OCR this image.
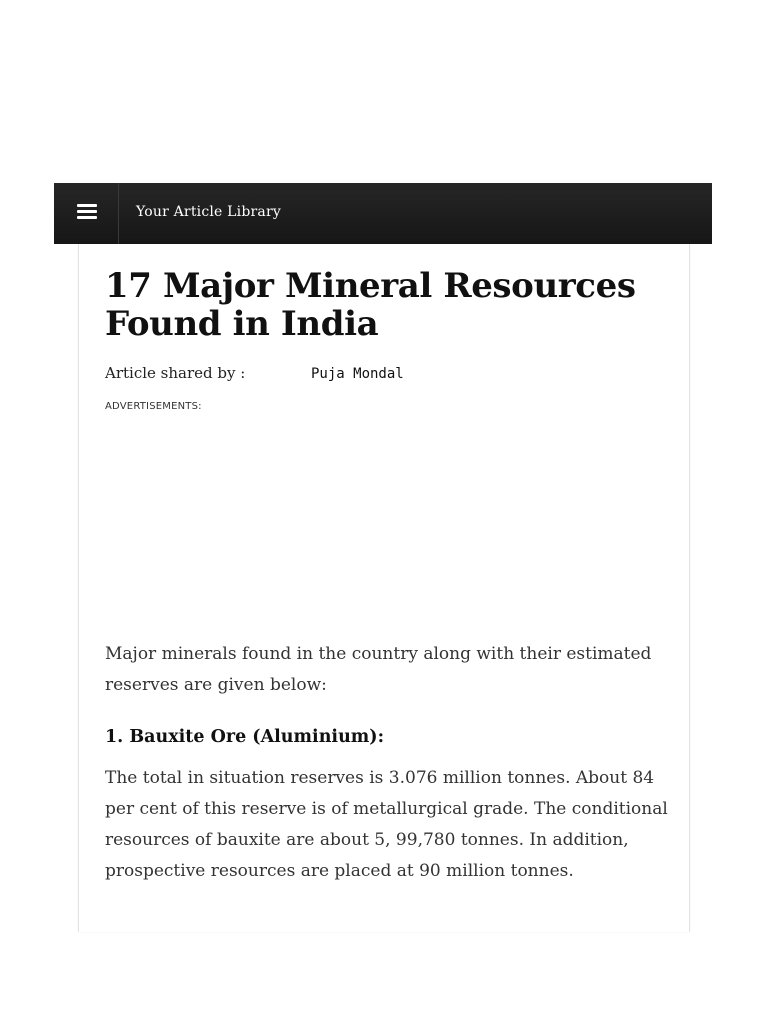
Your Article Library
17 Major Mineral Resources Found in India
Article shared by :	Puja Mondal
ADVERTISEMENTS:

Major minerals found in the country along with their estimated reserves are given below:

1. Bauxite Ore (Aluminium):

The total in situation reserves is 3.076 million tonnes. About 84 per cent of this reserve is of metallurgical grade. The conditional resources of bauxite are about 5, 99,780 tonnes. In addition, prospective resources are placed at 90 million tonnes.
